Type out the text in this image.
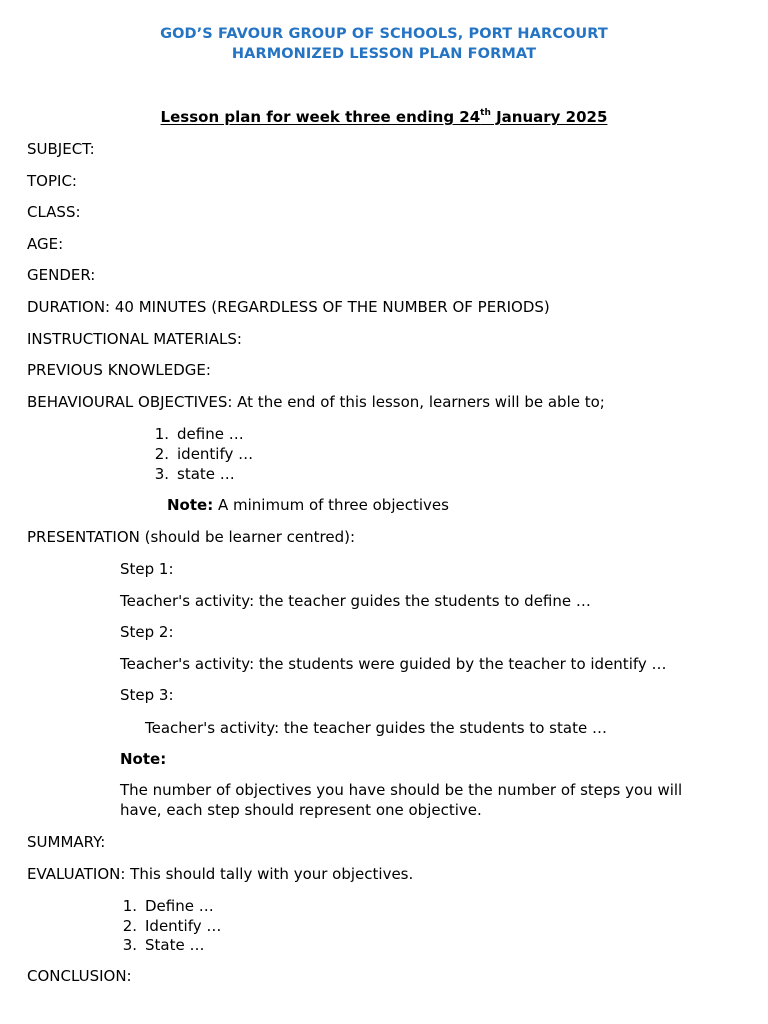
GOD’S FAVOUR GROUP OF SCHOOLS, PORT HARCOURT
HARMONIZED LESSON PLAN FORMAT
Lesson plan for week three ending 24th January 2025
SUBJECT:
TOPIC:
CLASS:
AGE:
GENDER:
DURATION: 40 MINUTES (REGARDLESS OF THE NUMBER OF PERIODS)
INSTRUCTIONAL MATERIALS:
PREVIOUS KNOWLEDGE:
BEHAVIOURAL OBJECTIVES: At the end of this lesson, learners will be able to;
1. define …
2. identify …
3. state …
Note: A minimum of three objectives
PRESENTATION (should be learner centred):
Step 1:
Teacher's activity: the teacher guides the students to define …
Step 2:
Teacher's activity: the students were guided by the teacher to identify …
Step 3:
Teacher's activity: the teacher guides the students to state …
Note:
The number of objectives you have should be the number of steps you will
have, each step should represent one objective.
SUMMARY:
EVALUATION: This should tally with your objectives.
1. Define …
2. Identify …
3. State …
CONCLUSION:
